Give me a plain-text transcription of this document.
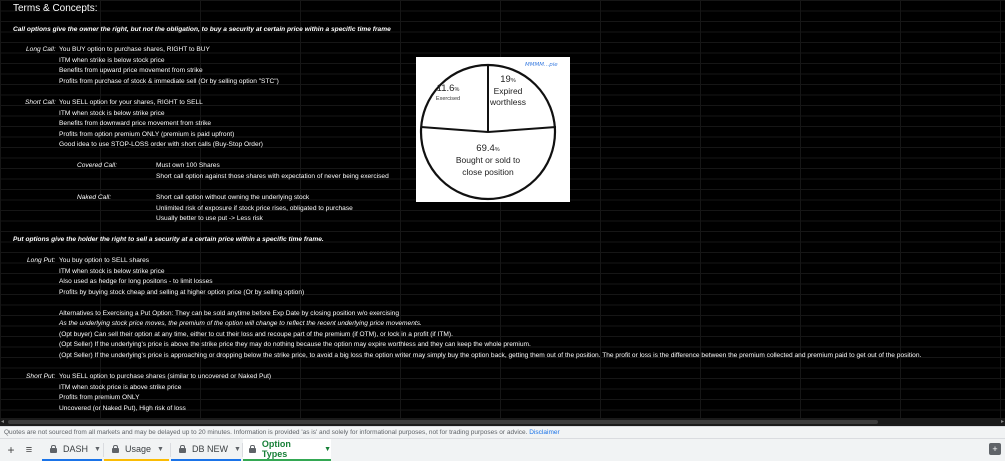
Terms & Concepts:
Call options give the owner the right, but not the obligation, to buy a security at certain price within a specific time frame
Long Call: You BUY option to purchase shares, RIGHT to BUY
ITM when strike is below stock price
Benefits from upward price movement from strike
Profits from purchase of stock & immediate sell (Or by selling option "STC")
Short Call: You SELL option for your shares, RIGHT to SELL
ITM when stock is below strike price
Benefits from downward price movement from strike
Profits from option premium ONLY (premium is paid upfront)
Good idea to use STOP-LOSS order with short calls (Buy-Stop Order)
Covered Call:	Must own 100 Shares
Short call option against those shares with expectation of never being exercised
Naked Call:	Short call option without owning the underlying stock
Unlimited risk of exposure if stock price rises, obligated to purchase
Usually better to use put -> Less risk
Put options give the holder the right to sell a security at a certain price within a specific time frame.
Long Put: You buy option to SELL shares
ITM when stock is below strike price
Also used as hedge for long positons - to limit losses
Profits by buying stock cheap and selling at higher option price (Or by selling option)
Alternatives to Exercising a Put Option: They can be sold anytime before Exp Date by closing position w/o exercising
As the underlying stock price moves, the premium of the option will change to reflect the recent underlying price movements.
(Opt buyer) Can sell their option at any time, either to cut their loss and recoupe part of the premium (if OTM), or lock in a profit (if ITM).
(Opt Seller) If the underlying's price is above the strike price they may do nothing because the option may expire worthless and they can keep the whole premium.
(Opt Seller) If the underlying's price is approaching or dropping below the strike price, to avoid a big loss the option writer may simply buy the option back, getting them out of the position. The profit or loss is the difference between the premium collected and premium paid to get out of the position.
Short Put: You SELL option to purchase shares (similar to uncovered or Naked Put)
ITM when stock price is above strike price
Profits from premium ONLY
Uncovered (or Naked Put), High risk of loss
MMMM...pie
11.6%
Exercised
19%
Expired
worthless
69.4%
Bought or sold to
close position
◂	▸
Quotes are not sourced from all markets and may be delayed up to 20 minutes. Information is provided 'as is' and solely for informational purposes, not for trading purposes or advice. Disclaimer
+	≡	DASH ▼	Usage ▼	DB NEW ▼ Option Types	▼	+
